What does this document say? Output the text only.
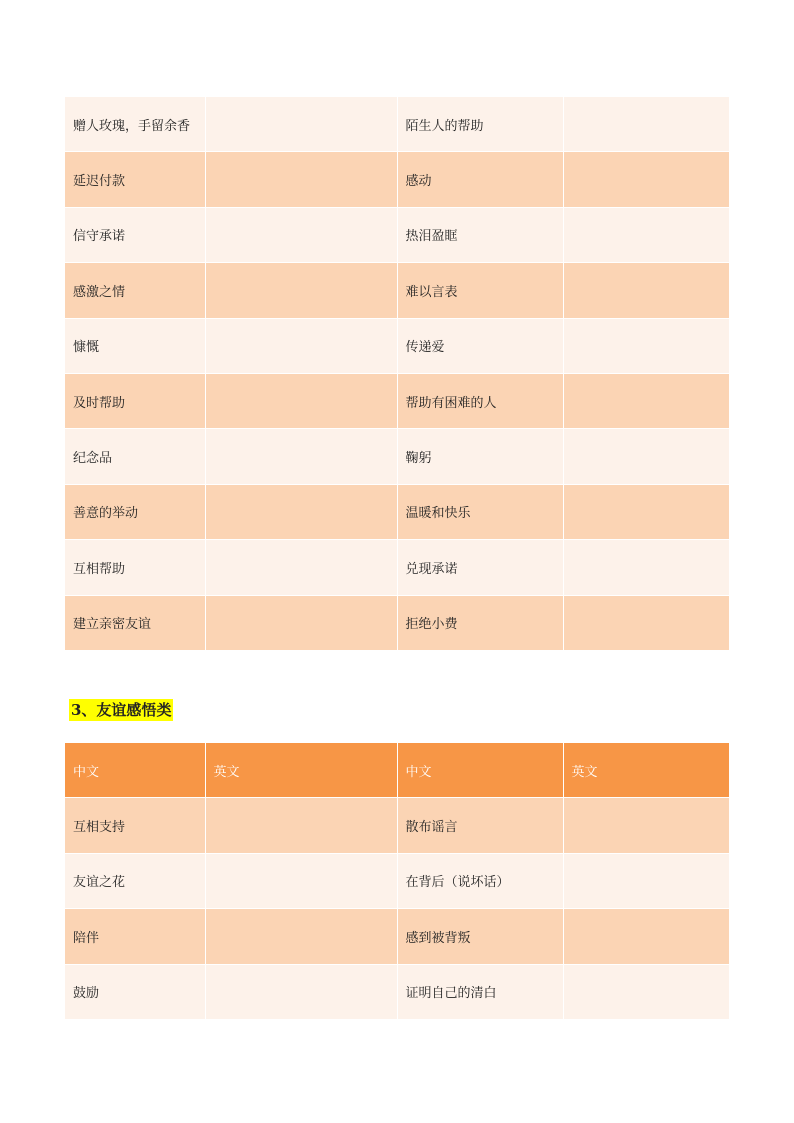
赠人玫瑰，手留余香		陌生人的帮助	
延迟付款		感动	
信守承诺		热泪盈眶	
感激之情		难以言表	
慷慨		传递爱	
及时帮助		帮助有困难的人	
纪念品		鞠躬	
善意的举动		温暖和快乐	
互相帮助		兑现承诺	
建立亲密友谊		拒绝小费	
3、友谊感悟类
中文	英文	中文	英文
互相支持		散布谣言	
友谊之花		在背后（说坏话）	
陪伴		感到被背叛	
鼓励		证明自己的清白	
